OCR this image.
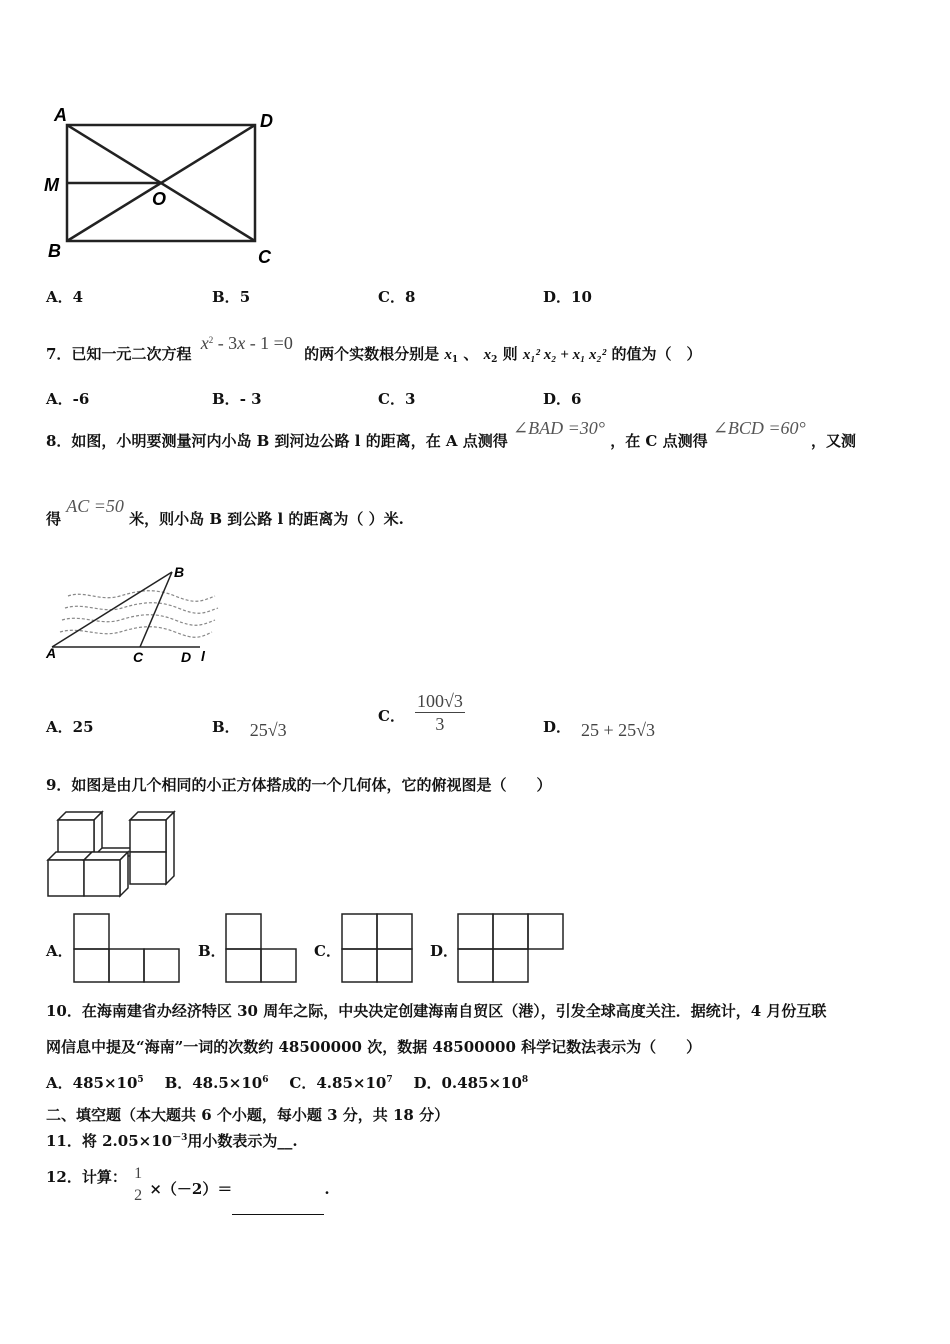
A	D
M
O
B	C
A．4	B．5	C．8	D．10
7．已知一元二次方程 $x^2 - 3x - 1 =0$ 的两个实数根分别是 $x_1$ 、 $x_2$ 则 x₁² x₂ + x₁ x₂² 的值为（　）
A．-6	B．- 3	C．3	D．6
8．如图，小明要测量河内小岛 B 到河边公路 l 的距离，在 A 点测得 ∠BAD =30° ，在 C 点测得 ∠BCD =60° ，又测
得 AC =50 米，则小岛 B 到公路 l 的距离为（ ）米.
A
B
C	D l
A．25	B． 25√3
C． $\frac{100√3}{3}$	D． 25 + 25√3
9．如图是由几个相同的小正方体搭成的一个几何体，它的俯视图是（　　）
A．	B．	C．	D．
10．在海南建省办经济特区 30 周年之际，中央决定创建海南自贸区（港），引发全球高度关注．据统计，4 月份互联
网信息中提及“海南”一词的次数约 48500000 次，数据 48500000 科学记数法表示为（　　）
A．$485\times 10^5$ B．$48.5\times 10^6$ C．$4.85\times 10^7$ D．$0.485\times 10^8$
二、填空题（本大题共 6 个小题，每小题 3 分，共 18 分）
11．将 $2.05\times 10^{-3}$用小数表示为__.
12．计算： 1
2 ×（－2）＝	.
